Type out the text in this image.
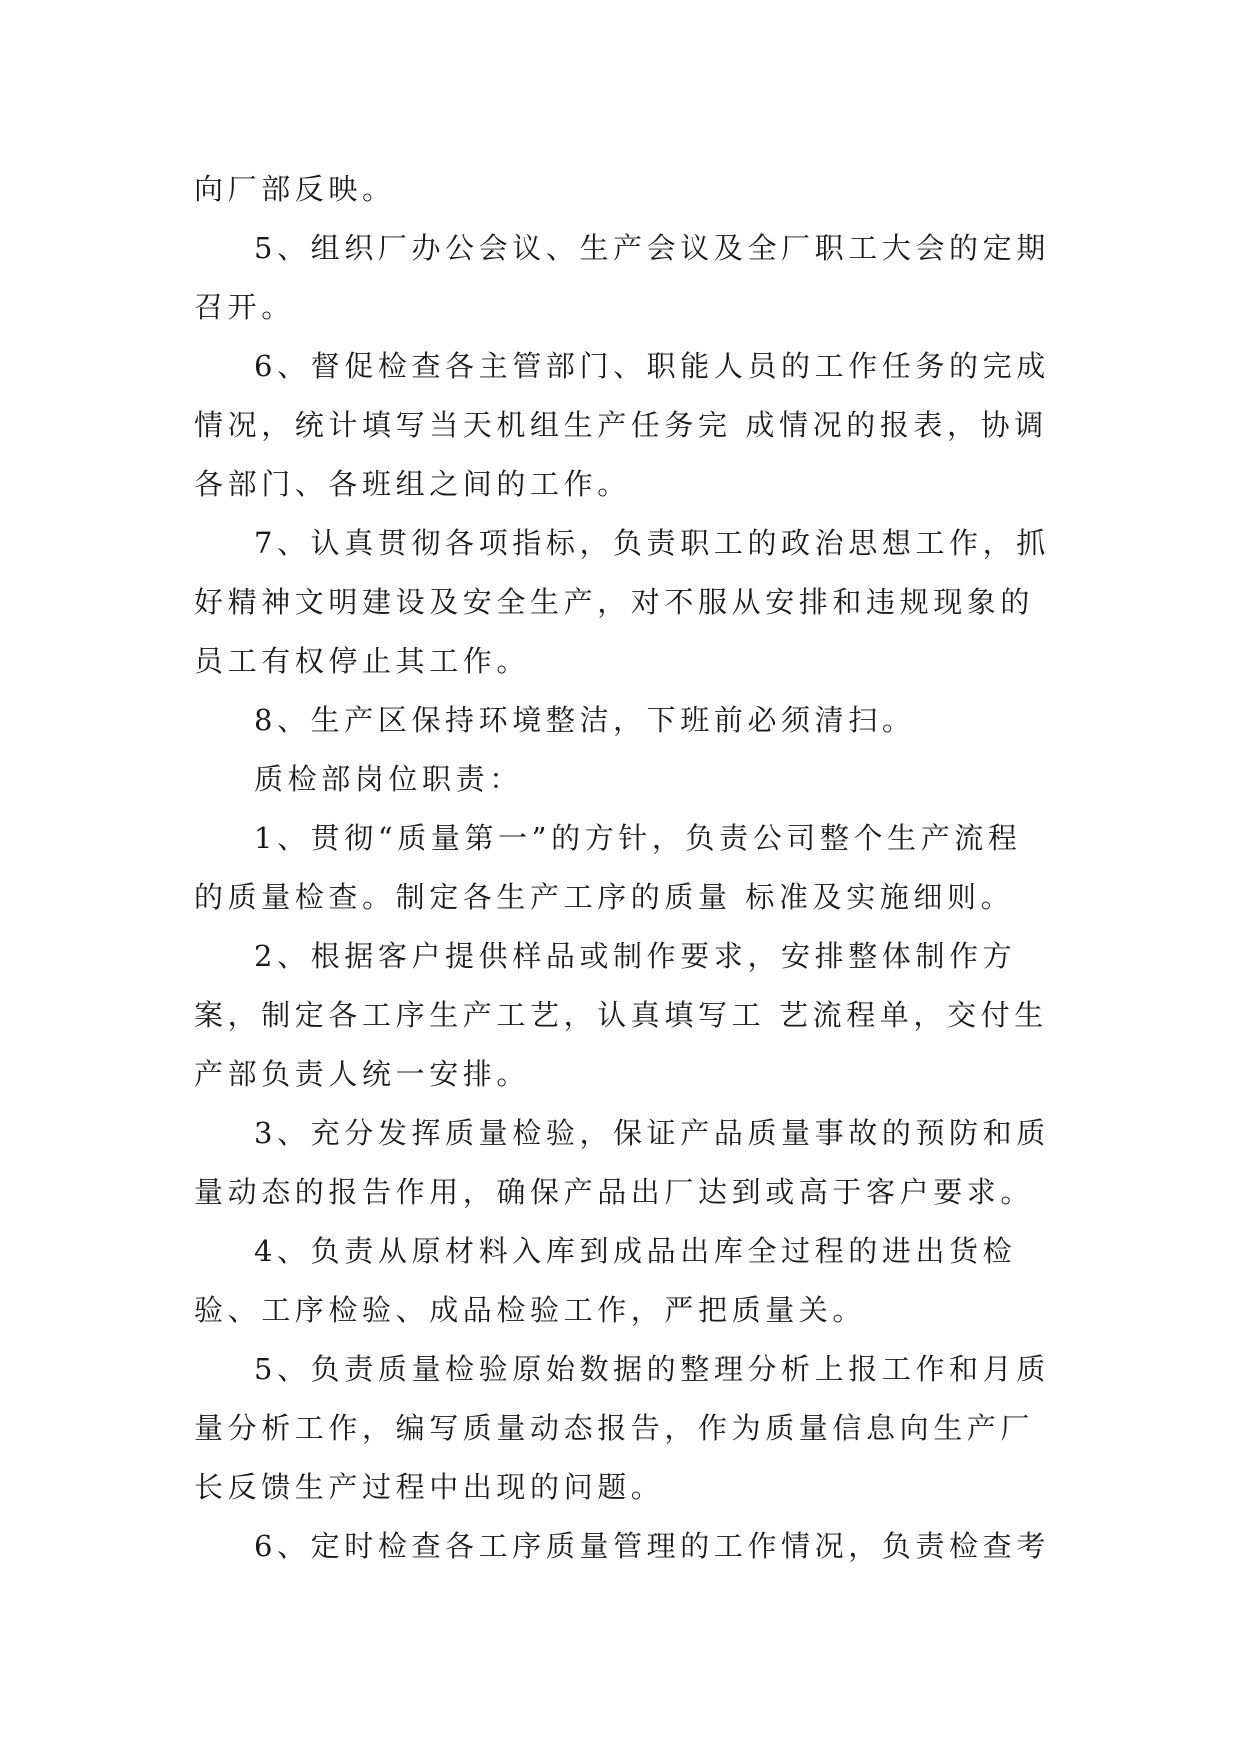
向厂部反映。

5、组织厂办公会议、生产会议及全厂职工大会的定期召开。

6、督促检查各主管部门、职能人员的工作任务的完成情况，统计填写当天机组生产任务完 成情况的报表，协调各部门、各班组之间的工作。

7、认真贯彻各项指标，负责职工的政治思想工作，抓好精神文明建设及安全生产，对不服从安排和违规现象的员工有权停止其工作。

8、生产区保持环境整洁，下班前必须清扫。

质检部岗位职责：

1、贯彻“质量第一”的方针，负责公司整个生产流程的质量检查。制定各生产工序的质量 标准及实施细则。

2、根据客户提供样品或制作要求，安排整体制作方案，制定各工序生产工艺，认真填写工 艺流程单，交付生产部负责人统一安排。

3、充分发挥质量检验，保证产品质量事故的预防和质量动态的报告作用，确保产品出厂达到或高于客户要求。

4、负责从原材料入库到成品出库全过程的进出货检验、工序检验、成品检验工作，严把质量关。

5、负责质量检验原始数据的整理分析上报工作和月质量分析工作，编写质量动态报告，作为质量信息向生产厂长反馈生产过程中出现的问题。

6、定时检查各工序质量管理的工作情况，负责检查考
